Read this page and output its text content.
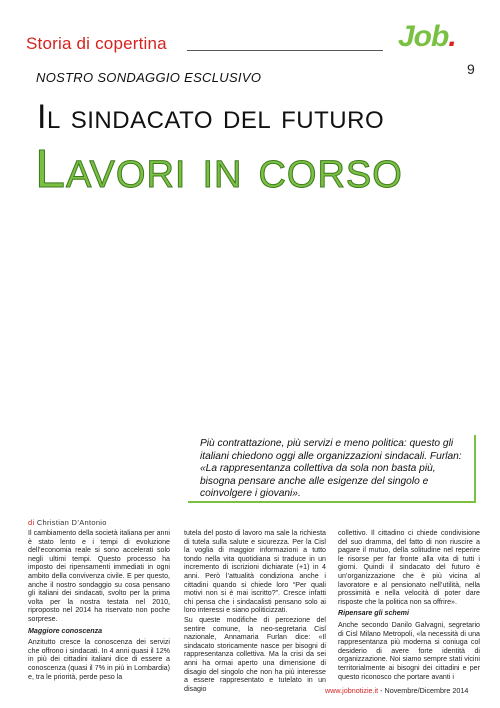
Storia di copertina	Job.
9
NOSTRO SONDAGGIO ESCLUSIVO
Il sindacato del futuro
Lavori in corso
Più contrattazione, più servizi e meno politica: questo gli italiani chiedono oggi alle organizzazioni sindacali. Furlan: «La rappresentanza collettiva da sola non basta più, bisogna pensare anche alle esigenze del singolo e coinvolgere i giovani».
di Christian D’Antonio

Il cambiamento della società italiana per anni è stato lento e i tempi di evoluzione dell’economia reale si sono accelerati solo negli ultimi tempi. Questo processo ha imposto dei ripensamenti immediati in ogni ambito della convivenza civile. E per questo, anche il nostro sondaggio su cosa pensano gli italiani dei sindacati, svolto per la prima volta per la nostra testata nel 2010, riproposto nel 2014 ha riservato non poche sorprese.

Maggiore conoscenza

Anzitutto cresce la conoscenza dei servizi che offrono i sindacati. In 4 anni quasi il 12% in più dei cittadini italiani dice di essere a conoscenza (quasi il 7% in più in Lombardia) e, tra le priorità, perde peso la

tutela del posto di lavoro ma sale la richiesta di tutela sulla salute e sicurezza. Per la Cisl la voglia di maggior informazioni a tutto tondo nella vita quotidiana si traduce in un incremento di iscrizioni dichiarate (+1) in 4 anni. Però l’attualità condiziona anche i cittadini quando si chiede loro “Per quali motivi non si è mai iscritto?”. Cresce infatti chi pensa che i sindacalisti pensano solo ai loro interessi e siano politicizzati.

Su queste modifiche di percezione del sentire comune, la neo-segretaria Cisl nazionale, Annamaria Furlan dice: «Il sindacato storicamente nasce per bisogni di rappresentanza collettiva. Ma la crisi da sei anni ha ormai aperto una dimensione di disagio del singolo che non ha più interesse a essere rappresentato e tutelato in un disagio

collettivo. Il cittadino ci chiede condivisione del suo dramma, del fatto di non riuscire a pagare il mutuo, della solitudine nel reperire le risorse per far fronte alla vita di tutti i giorni. Quindi il sindacato del futuro è un’organizzazione che è più vicina al lavoratore e al pensionato nell’utilità, nella prossimità e nella velocità di poter dare risposte che la politica non sa offrire».

Ripensare gli schemi

Anche secondo Danilo Galvagni, segretario di Cisl Milano Metropoli, «la necessità di una rappresentanza più moderna si coniuga col desiderio di avere forte identità di organizzazione. Noi siamo sempre stati vicini territorialmente ai bisogni dei cittadini e per questo riconosco che portare avanti i

www.jobnotizie.it - Novembre/Dicembre 2014
